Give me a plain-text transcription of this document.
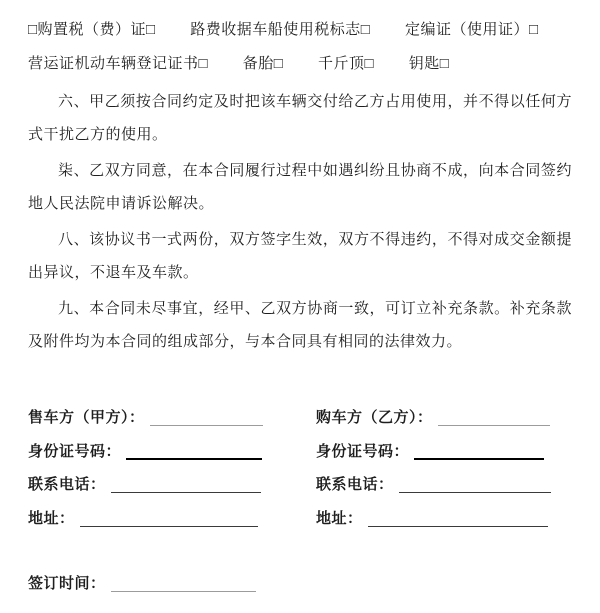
□购置税（费）证□ 路费收据车船使用税标志□ 定编证（使用证）□
营运证机动车辆登记证书□ 备胎□ 千斤顶□ 钥匙□

六、甲乙须按合同约定及时把该车辆交付给乙方占用使用，并不得以任何方式干扰乙方的使用。

柒、乙双方同意，在本合同履行过程中如遇纠纷且协商不成，向本合同签约地人民法院申请诉讼解决。

八、该协议书一式两份，双方签字生效，双方不得违约，不得对成交金额提出异议，不退车及车款。

九、本合同未尽事宜，经甲、乙双方协商一致，可订立补充条款。补充条款及附件均为本合同的组成部分，与本合同具有相同的法律效力。

售车方（甲方）：
身份证号码：
联系电话：
地址：
购车方（乙方）：
身份证号码：
联系电话：
地址：
签订时间：
